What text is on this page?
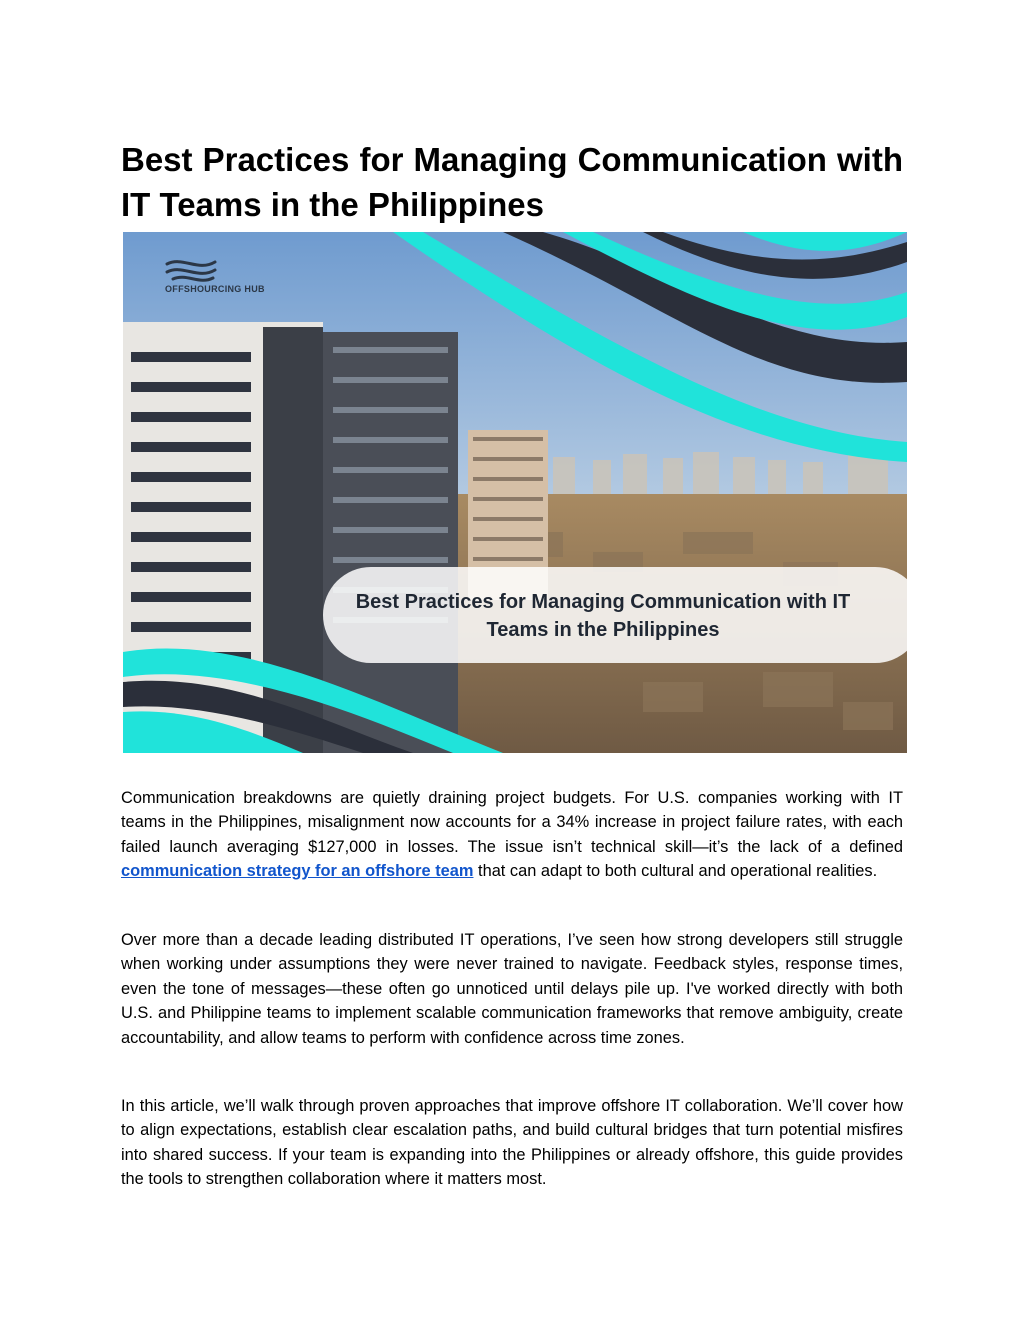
Best Practices for Managing Communication with IT Teams in the Philippines
OFFSHOURCING HUB
Best Practices for Managing Communication with IT Teams in the Philippines

Communication breakdowns are quietly draining project budgets. For U.S. companies working with IT teams in the Philippines, misalignment now accounts for a 34% increase in project failure rates, with each failed launch averaging $127,000 in losses. The issue isn’t technical skill—it’s the lack of a defined communication strategy for an offshore team that can adapt to both cultural and operational realities.

Over more than a decade leading distributed IT operations, I’ve seen how strong developers still struggle when working under assumptions they were never trained to navigate. Feedback styles, response times, even the tone of messages—these often go unnoticed until delays pile up. I've worked directly with both U.S. and Philippine teams to implement scalable communication frameworks that remove ambiguity, create accountability, and allow teams to perform with confidence across time zones.

In this article, we’ll walk through proven approaches that improve offshore IT collaboration. We’ll cover how to align expectations, establish clear escalation paths, and build cultural bridges that turn potential misfires into shared success. If your team is expanding into the Philippines or already offshore, this guide provides the tools to strengthen collaboration where it matters most.
